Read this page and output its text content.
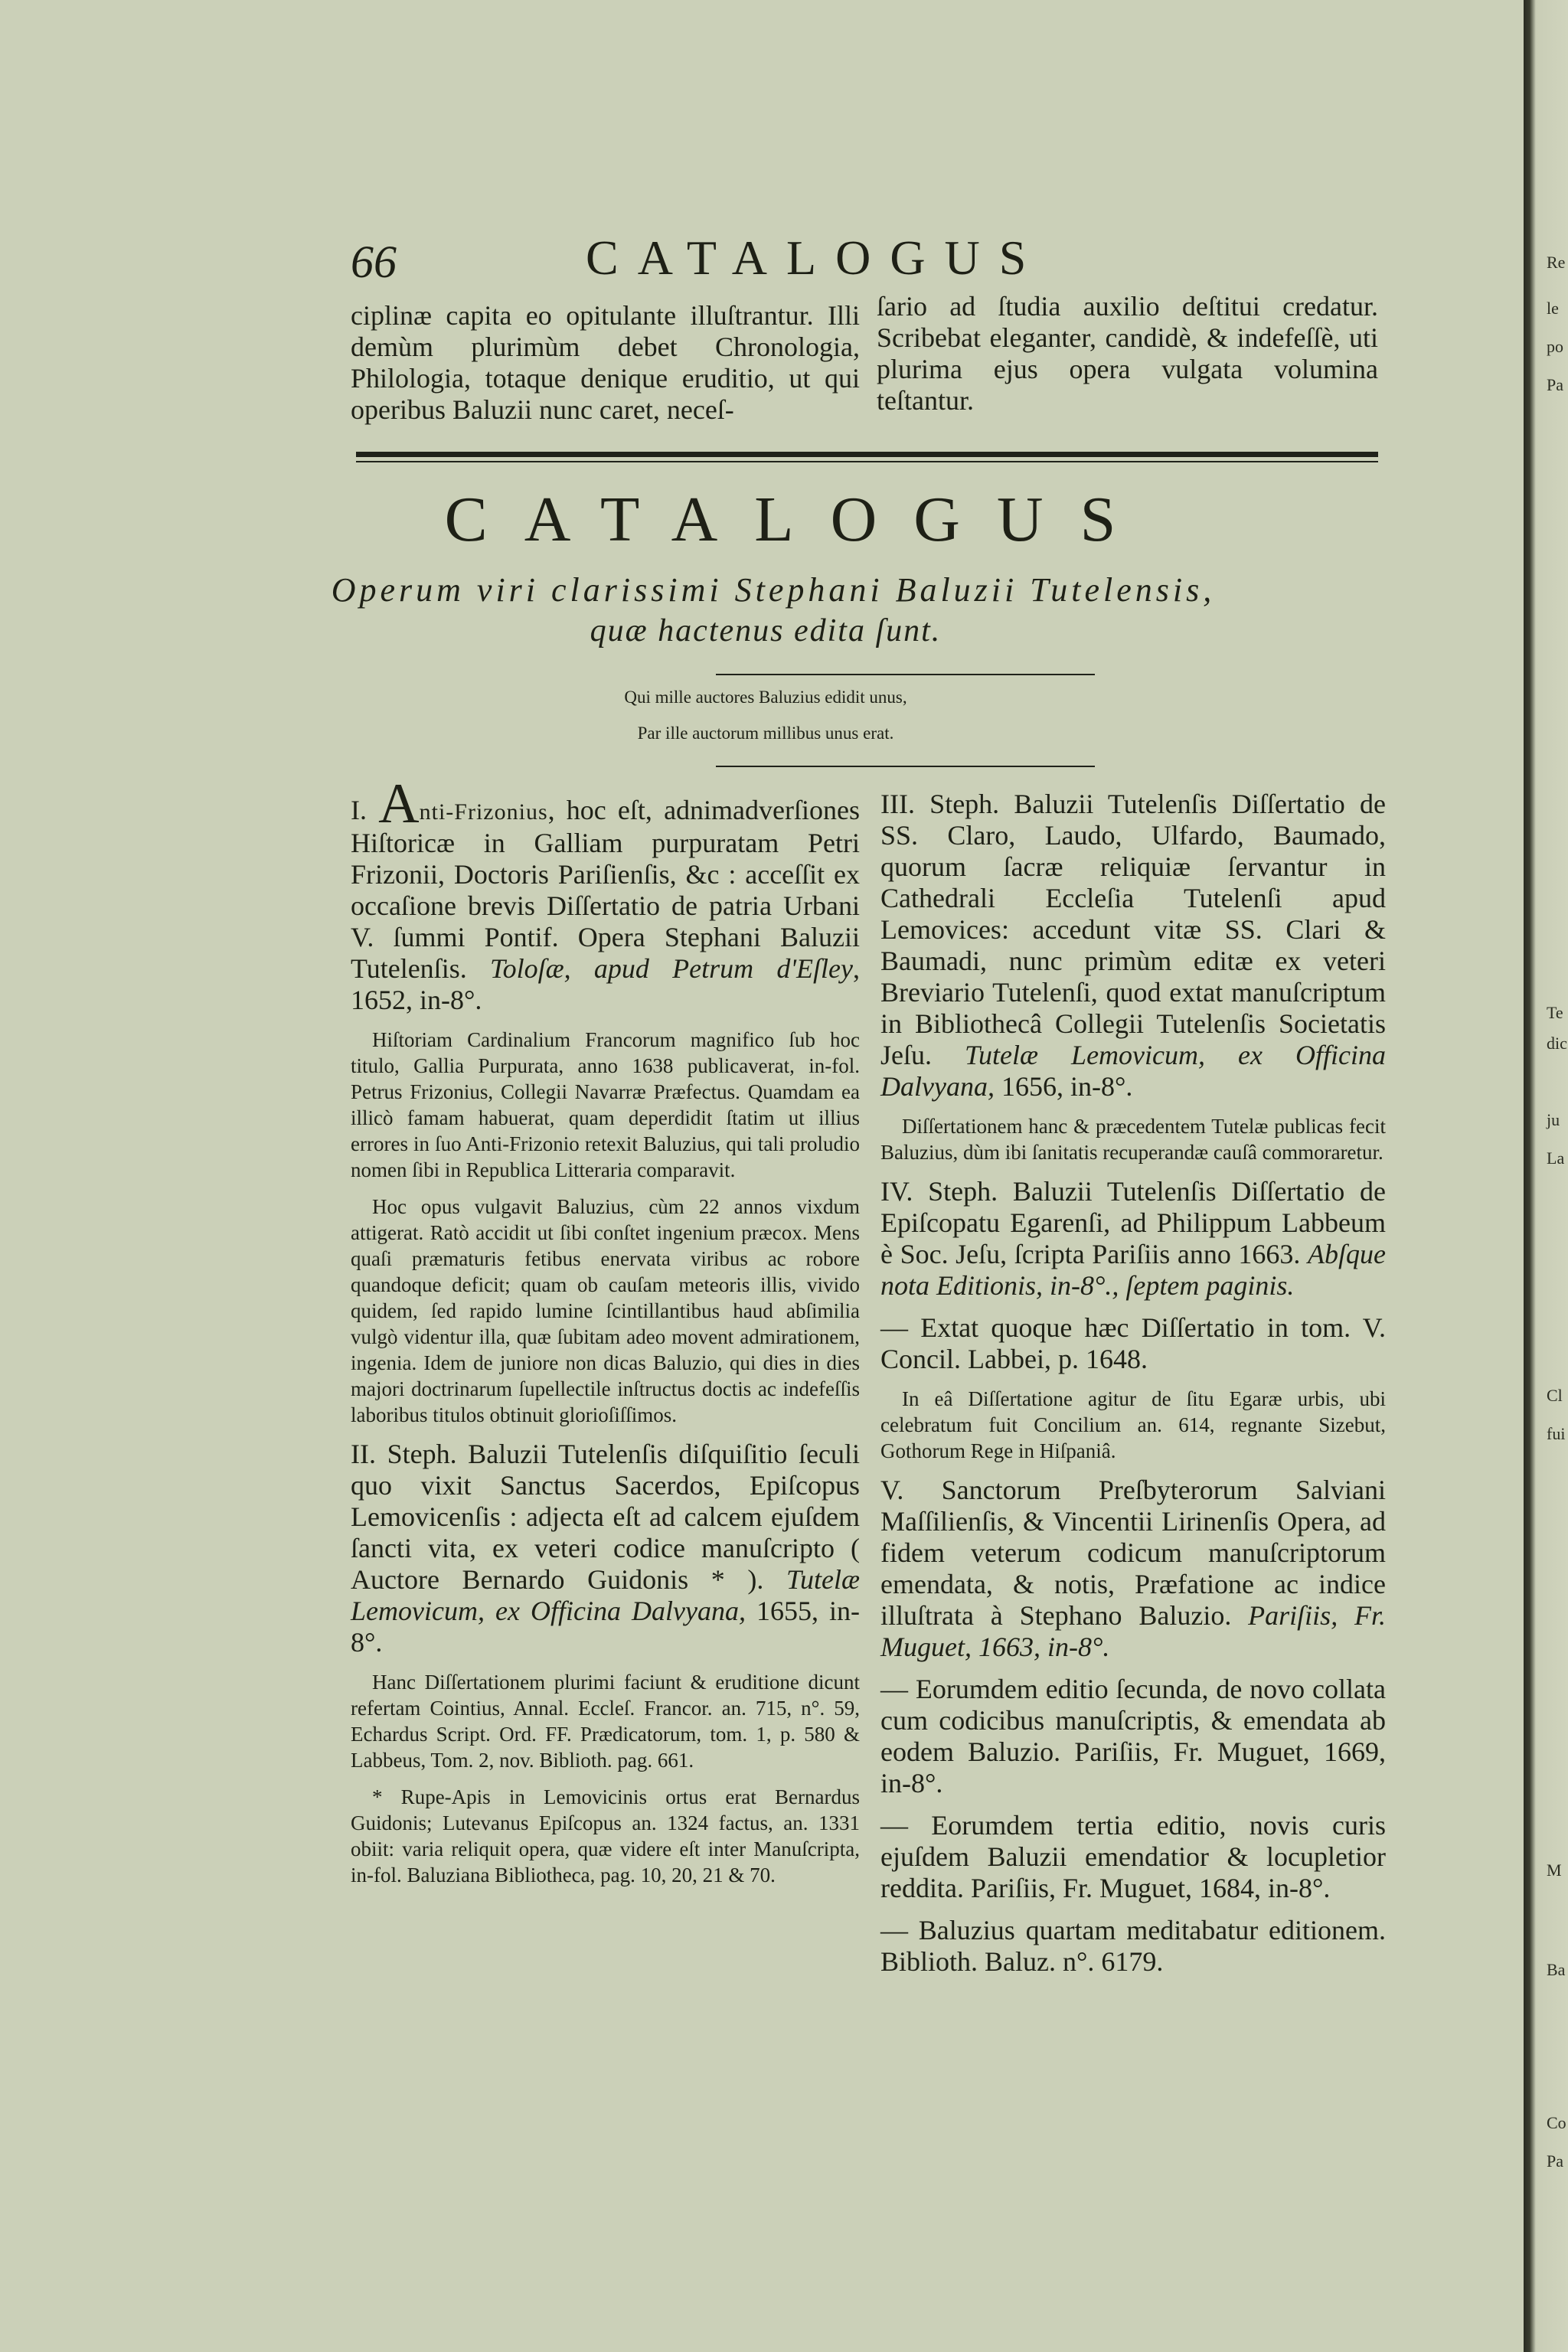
66	CATALOGUS

ciplinæ capita eo opitulante illuſtrantur. Illi demùm plurimùm debet Chronologia, Philologia, totaque denique eruditio, ut qui operibus Baluzii nunc caret, neceſ-

ſario ad ſtudia auxilio deſtitui credatur. Scribebat eleganter, candidè, & indefeſſè, uti plurima ejus opera vulgata volumina teſtantur.

CATALOGUS
Operum viri clarissimi Stephani Baluzii Tutelensis,
quæ hactenus edita ſunt.
Qui mille auctores Baluzius edidit unus,
Par ille auctorum millibus unus erat.

I. Anti-Frizonius, hoc eſt, adnimadverſiones Hiſtoricæ in Galliam purpuratam Petri Frizonii, Doctoris Pariſienſis, &c : acceſſit ex occaſione brevis Diſſertatio de patria Urbani V. ſummi Pontif. Opera Stephani Baluzii Tutelenſis. Toloſæ, apud Petrum d'Eſley, 1652, in-8°.

Hiſtoriam Cardinalium Francorum magnifico ſub hoc titulo, Gallia Purpurata, anno 1638 publicaverat, in-fol. Petrus Frizonius, Collegii Navarræ Præfectus. Quamdam ea illicò famam habuerat, quam deperdidit ſtatim ut illius errores in ſuo Anti-Frizonio retexit Baluzius, qui tali proludio nomen ſibi in Republica Litteraria comparavit.

Hoc opus vulgavit Baluzius, cùm 22 annos vixdum attigerat. Ratò accidit ut ſibi conſtet ingenium præcox. Mens quaſi præmaturis fetibus enervata viribus ac robore quandoque deficit; quam ob cauſam meteoris illis, vivido quidem, ſed rapido lumine ſcintillantibus haud abſimilia vulgò videntur illa, quæ ſubitam adeo movent admirationem, ingenia. Idem de juniore non dicas Baluzio, qui dies in dies majori doctrinarum ſupellectile inſtructus doctis ac indefeſſis laboribus titulos obtinuit glorioſiſſimos.

II. Steph. Baluzii Tutelenſis diſquiſitio ſeculi quo vixit Sanctus Sacerdos, Epiſcopus Lemovicenſis : adjecta eſt ad calcem ejuſdem ſancti vita, ex veteri codice manuſcripto ( Auctore Bernardo Guidonis * ). Tutelæ Lemovicum, ex Officina Dalvyana, 1655, in-8°.

Hanc Diſſertationem plurimi faciunt & eruditione dicunt refertam Cointius, Annal. Eccleſ. Francor. an. 715, n°. 59, Echardus Script. Ord. FF. Prædicatorum, tom. 1, p. 580 & Labbeus, Tom. 2, nov. Biblioth. pag. 661.

* Rupe-Apis in Lemovicinis ortus erat Bernardus Guidonis; Lutevanus Epiſcopus an. 1324 factus, an. 1331 obiit: varia reliquit opera, quæ videre eſt inter Manuſcripta, in-fol. Baluziana Bibliotheca, pag. 10, 20, 21 & 70.

III. Steph. Baluzii Tutelenſis Diſſertatio de SS. Claro, Laudo, Ulfardo, Baumado, quorum ſacræ reliquiæ ſervantur in Cathedrali Eccleſia Tutelenſi apud Lemovices: accedunt vitæ SS. Clari & Baumadi, nunc primùm editæ ex veteri Breviario Tutelenſi, quod extat manuſcriptum in Bibliothecâ Collegii Tutelenſis Societatis Jeſu. Tutelæ Lemovicum, ex Officina Dalvyana, 1656, in-8°.

Diſſertationem hanc & præcedentem Tutelæ publicas fecit Baluzius, dùm ibi ſanitatis recuperandæ cauſâ commoraretur.

IV. Steph. Baluzii Tutelenſis Diſſertatio de Epiſcopatu Egarenſi, ad Philippum Labbeum è Soc. Jeſu, ſcripta Pariſiis anno 1663. Abſque nota Editionis, in-8°., ſeptem paginis.

— Extat quoque hæc Diſſertatio in tom. V. Concil. Labbei, p. 1648.

In eâ Diſſertatione agitur de ſitu Egaræ urbis, ubi celebratum fuit Concilium an. 614, regnante Sizebut, Gothorum Rege in Hiſpaniâ.

V. Sanctorum Preſbyterorum Salviani Maſſilienſis, & Vincentii Lirinenſis Opera, ad fidem veterum codicum manuſcriptorum emendata, & notis, Præfatione ac indice illuſtrata à Stephano Baluzio. Pariſiis, Fr. Muguet, 1663, in-8°.

— Eorumdem editio ſecunda, de novo collata cum codicibus manuſcriptis, & emendata ab eodem Baluzio. Pariſiis, Fr. Muguet, 1669, in-8°.

— Eorumdem tertia editio, novis curis ejuſdem Baluzii emendatior & locupletior reddita. Pariſiis, Fr. Muguet, 1684, in-8°.

— Baluzius quartam meditabatur editionem. Biblioth. Baluz. n°. 6179.

Re
le
po
Pa
Te
dic
ju
La
Cl
fui
M
Ba
Co
Pa
